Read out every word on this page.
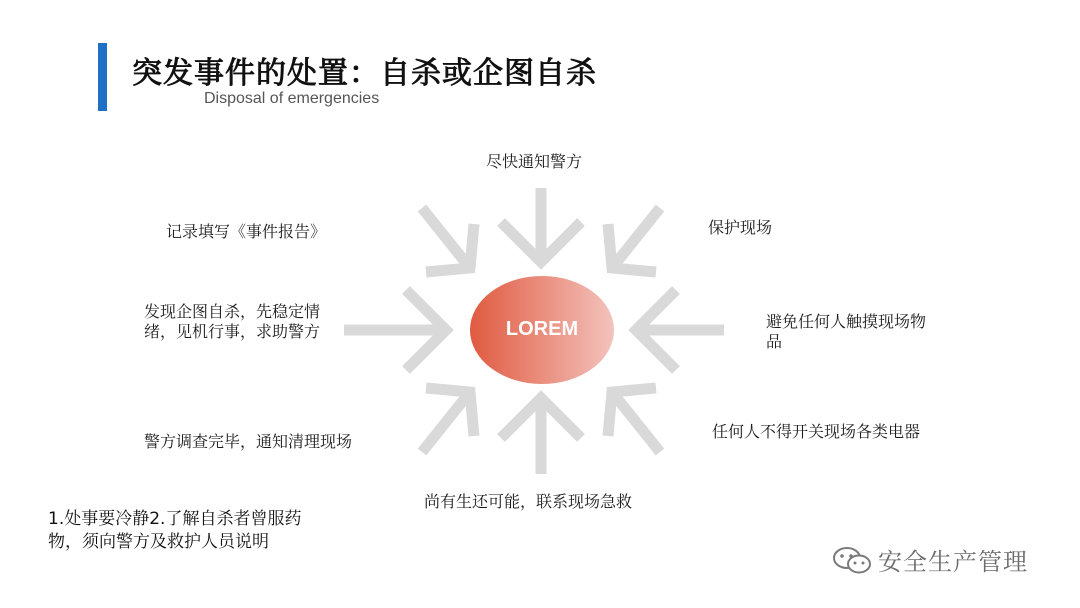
突发事件的处置：自杀或企图自杀
Disposal of emergencies
LOREM
尽快通知警方
保护现场
避免任何人触摸现场物品
任何人不得开关现场各类电器
尚有生还可能，联系现场急救
警方调查完毕，通知清理现场
发现企图自杀，先稳定情绪，见机行事，求助警方
记录填写《事件报告》
1.处事要冷静2.了解自杀者曾服药物，须向警方及救护人员说明
安全生产管理
